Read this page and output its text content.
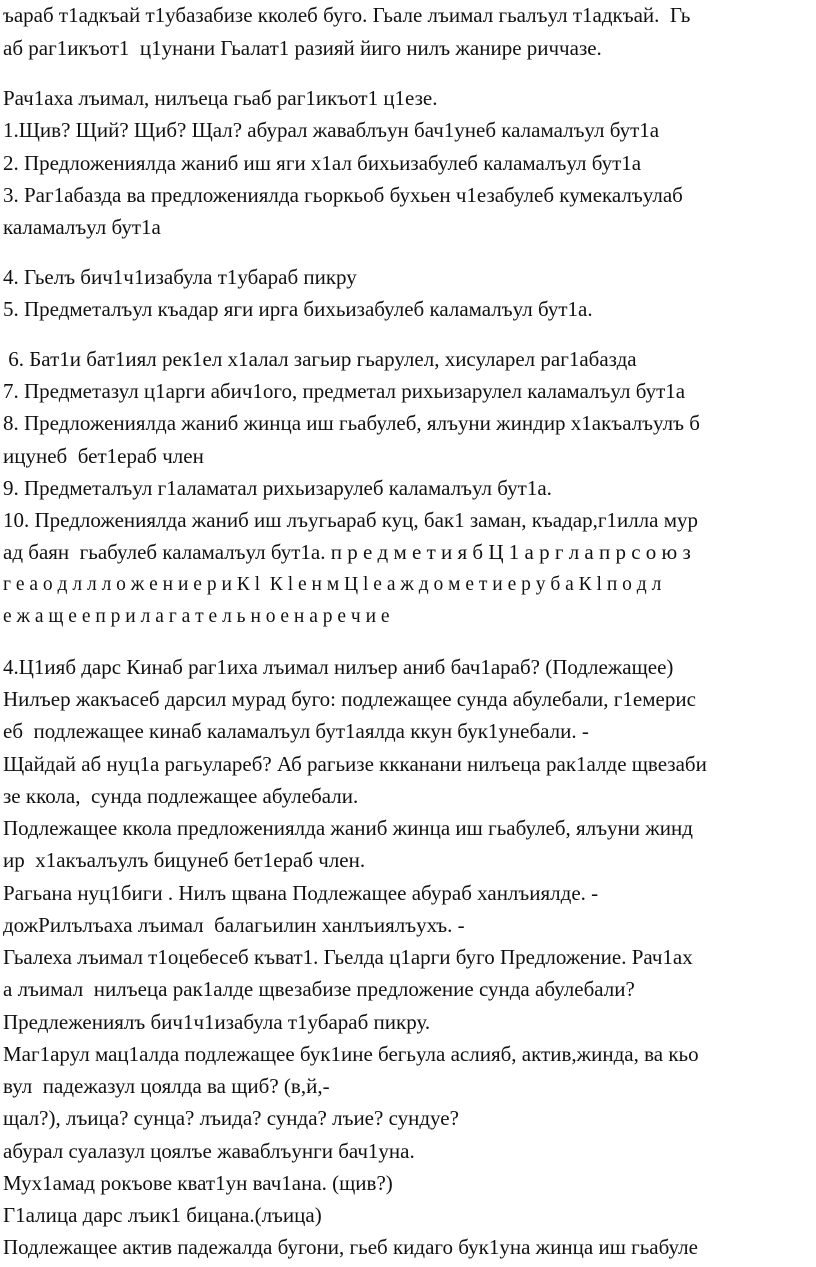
ъараб т1адкъай т1убазабизе кколеб буго. Гьале лъимал гьалъул т1адкъай.  Гь
аб раг1икъот1  ц1унани Гьалат1 разияй йиго нилъ жанире риччазе.
Рач1аха лъимал, нилъеца гьаб раг1икъот1 ц1езе.
1.Щив? Щий? Щиб? Щал? абурал жаваблъун бач1унеб каламалъул бут1а
2. Предложениялда жаниб иш яги х1ал бихьизабулеб каламалъул бут1а
3. Раг1абазда ва предложениялда гьоркьоб бухьен ч1езабулеб кумекалъулаб
каламалъул бут1а
4. Гьелъ бич1ч1изабула т1убараб пикру
5. Предметалъул къадар яги ирга бихьизабулеб каламалъул бут1а.
6. Бат1и бат1иял рек1ел х1алал загьир гьарулел, хисуларел раг1абазда
7. Предметазул ц1арги абич1ого, предметал рихьизарулел каламалъул бут1а
8. Предложениялда жаниб жинца иш гьабулеб, ялъуни жиндир х1акъалъулъ б
ицунеб  бет1ераб член
9. Предметалъул г1аламатал рихьизарулеб каламалъул бут1а.
10. Предложениялда жаниб иш лъугьараб куц, бак1 заман, къадар,г1илла мур
ад баян  гьабулеб каламалъул бут1а. п р е д м е т и я б Ц 1 а р г л а п р с о ю з
г е а о д л л л о ж е н и е р и К l  К l е н м Ц l е а ж д о м е т и е р у б а К l п о д л
е ж а щ е е п р и л а г а т е л ь н о е н а р е ч и е
4.Ц1ияб дарс Кинаб раг1иха лъимал нилъер аниб бач1араб? (Подлежащее)
Нилъер жакъасеб дарсил мурад буго: подлежащее сунда абулебали, г1емерис
еб  подлежащее кинаб каламалъул бут1аялда ккун бук1унебали. -
Щайдай аб нуц1а рагьулареб? Аб рагьизе ккканани нилъеца рак1алде щвезаби
зе ккола,  сунда подлежащее абулебали.
Подлежащее ккола предложениялда жаниб жинца иш гьабулеб, ялъуни жинд
ир  х1акъалъулъ бицунеб бет1ераб член.
Рагьана нуц1биги . Нилъ щвана Подлежащее абураб ханлъиялде. -
дожРилълъаха лъимал  балагьилин ханлъиялъухъ. -
Гьалеха лъимал т1оцебесеб къват1. Гьелда ц1арги буго Предложение. Рач1ах
а лъимал  нилъеца рак1алде щвезабизе предложение сунда абулебали?
Предлежениялъ бич1ч1изабула т1убараб пикру.
Маг1арул мац1алда подлежащее бук1ине бегьула аслияб, актив,жинда, ва кьо
вул  падежазул цоялда ва щиб? (в,й,-
щал?), лъица? сунца? лъида? сунда? лъие? сундуе?
абурал суалазул цоялъе жаваблъунги бач1уна.
Мух1амад рокъове кват1ун вач1ана. (щив?)
Г1алица дарс лъик1 бицана.(лъица)
Подлежащее актив падежалда бугони, гьеб кидаго бук1уна жинца иш гьабуле
